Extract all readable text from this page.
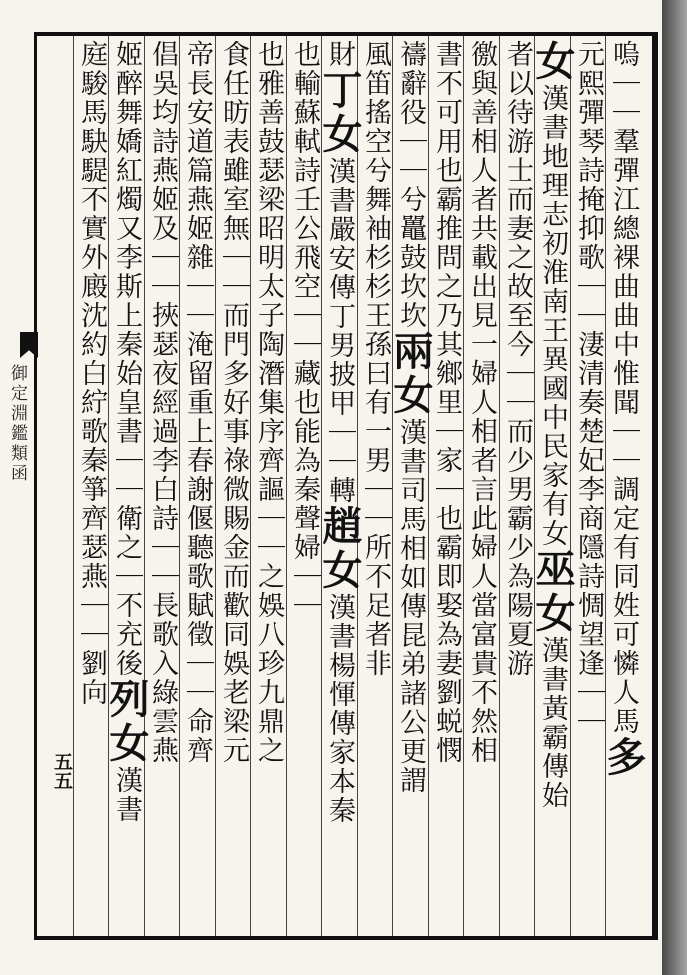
御定淵鑑類函
五五
嗚｜｜羣彈江總裸曲曲中惟聞｜｜調定有同姓可憐人馬多
元熙彈琴詩掩抑歌｜｜淒清奏楚妃李商隱詩惆望逢｜｜
女漢書地理志初淮南王異國中民家有女巫女漢書黃霸傳始
者以待游士而妻之故至今｜｜而少男霸少為陽夏游
徼與善相人者共載出見一婦人相者言此婦人當富貴不然相
書不可用也霸推問之乃其鄉里｜家｜也霸即娶為妻劉蜕憫
禱辭役｜｜兮鼉鼓坎坎兩女漢書司馬相如傳昆弟諸公更謂
風笛搖空兮舞袖杉杉王孫曰有一男｜｜所不足者非
財丁女漢書嚴安傳丁男披甲｜｜轉趙女漢書楊惲傳家本秦
也輸蘇軾詩壬公飛空｜｜藏也能為秦聲婦｜｜
也雅善鼓瑟梁昭明太子陶潛集序齊謳｜｜之娛八珍九鼎之
食任昉表雖室無｜｜而門多好事祿微賜金而歡同娛老梁元
帝長安道篇燕姬雜｜｜淹留重上春謝偃聽歌賦徵｜｜命齊
倡吳均詩燕姬及｜｜挾瑟夜經過李白詩｜｜長歌入綠雲燕
姬醉舞嬌紅燭又李斯上秦始皇書｜｜衛之｜不充後列女漢書
庭駿馬駃騠不實外廄沈約白紵歌秦箏齊瑟燕｜｜劉向
